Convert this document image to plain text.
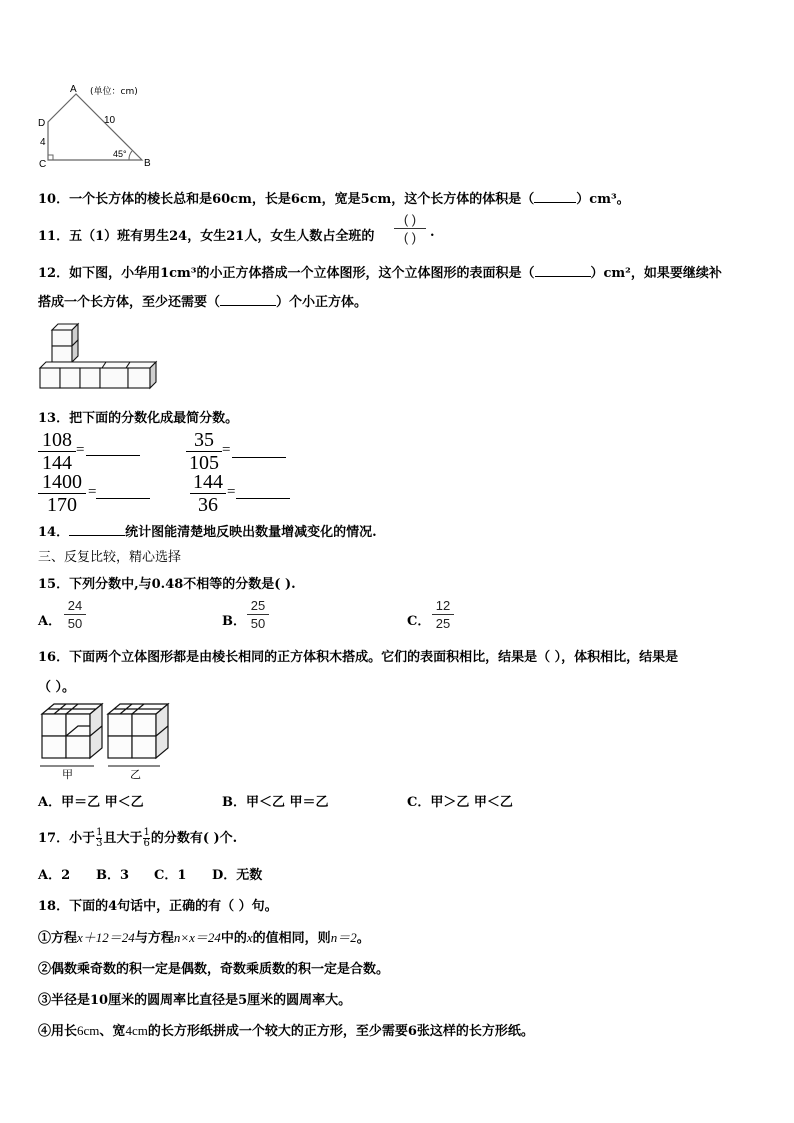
A (单位：cm)
D	10
4
C
45°
B
10．一个长方体的棱长总和是60cm，长是6cm，宽是5cm，这个长方体的体积是（	）cm³。
11．五（1）班有男生24，女生21人，女生人数占全班的
( )
( )	.
12．如下图，小华用1cm³的小正方体搭成一个立体图形，这个立体图形的表面积是（	）cm²，如果要继续补
搭成一个长方体，至少还需要（	）个小正方体。
13．把下面的分数化成最简分数。
108
144
=	35
105
=
1400
170
=	144
36
=
14．	统计图能清楚地反映出数量增减变化的情况.
三、反复比较，精心选择
15．下列分数中,与0.48不相等的分数是( ).
A．
24
50	B．
25
50	C．
12
25
16．下面两个立体图形都是由棱长相同的正方体积木搭成。它们的表面积相比，结果是（ ），体积相比，结果是
（ ）。
甲	乙
A．甲＝乙 甲＜乙	B．甲＜乙 甲＝乙	C．甲＞乙 甲＜乙
17．小于 $\frac{1}{3}$ 且大于 $\frac{1}{6}$ 的分数有( )个.
A．2 B．3 C．1 D．无数
18．下面的4句话中，正确的有（ ）句。
①方程x＋12＝24与方程n×x＝24中的x的值相同，则n＝2。
②偶数乘奇数的积一定是偶数，奇数乘质数的积一定是合数。
③半径是10厘米的圆周率比直径是5厘米的圆周率大。
④用长6cm、宽4cm的长方形纸拼成一个较大的正方形，至少需要6张这样的长方形纸。
